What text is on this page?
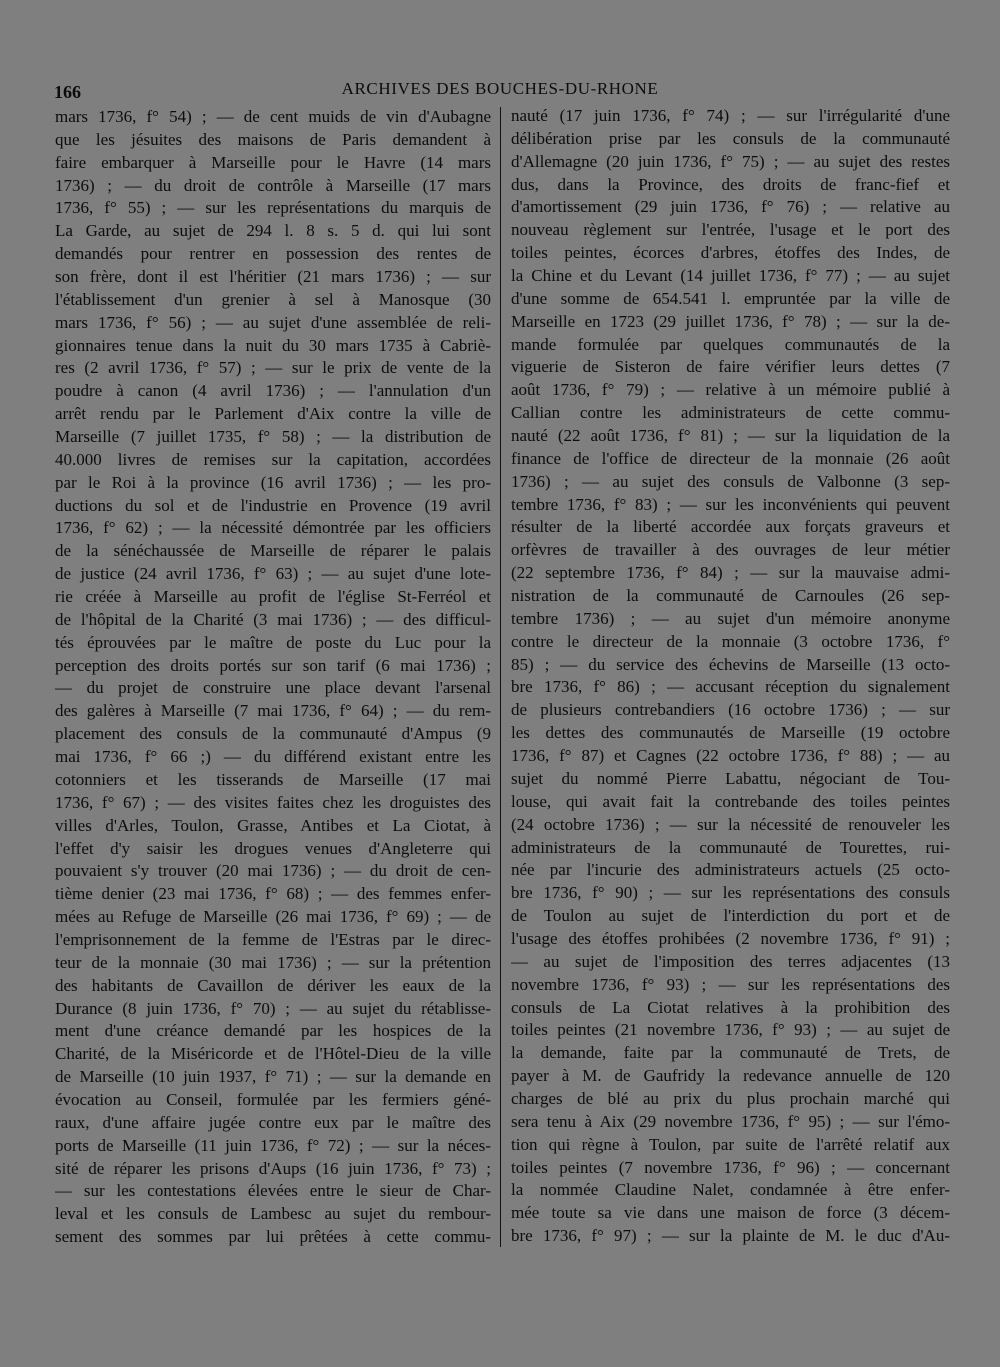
166	ARCHIVES DES BOUCHES-DU-RHONE
mars 1736, f° 54) ; — de cent muids de vin d'Aubagne
que les jésuites des maisons de Paris demandent à
faire embarquer à Marseille pour le Havre (14 mars
1736) ; — du droit de contrôle à Marseille (17 mars
1736, f° 55) ; — sur les représentations du marquis de
La Garde, au sujet de 294 l. 8 s. 5 d. qui lui sont
demandés pour rentrer en possession des rentes de
son frère, dont il est l'héritier (21 mars 1736) ; — sur
l'établissement d'un grenier à sel à Manosque (30
mars 1736, f° 56) ; — au sujet d'une assemblée de reli-
gionnaires tenue dans la nuit du 30 mars 1735 à Cabriè-
res (2 avril 1736, f° 57) ; — sur le prix de vente de la
poudre à canon (4 avril 1736) ; — l'annulation d'un
arrêt rendu par le Parlement d'Aix contre la ville de
Marseille (7 juillet 1735, f° 58) ; — la distribution de
40.000 livres de remises sur la capitation, accordées
par le Roi à la province (16 avril 1736) ; — les pro-
ductions du sol et de l'industrie en Provence (19 avril
1736, f° 62) ; — la nécessité démontrée par les officiers
de la sénéchaussée de Marseille de réparer le palais
de justice (24 avril 1736, f° 63) ; — au sujet d'une lote-
rie créée à Marseille au profit de l'église St-Ferréol et
de l'hôpital de la Charité (3 mai 1736) ; — des difficul-
tés éprouvées par le maître de poste du Luc pour la
perception des droits portés sur son tarif (6 mai 1736) ;
— du projet de construire une place devant l'arsenal
des galères à Marseille (7 mai 1736, f° 64) ; — du rem-
placement des consuls de la communauté d'Ampus (9
mai 1736, f° 66 ;) — du différend existant entre les
cotonniers et les tisserands de Marseille (17 mai
1736, f° 67) ; — des visites faites chez les droguistes des
villes d'Arles, Toulon, Grasse, Antibes et La Ciotat, à
l'effet d'y saisir les drogues venues d'Angleterre qui
pouvaient s'y trouver (20 mai 1736) ; — du droit de cen-
tième denier (23 mai 1736, f° 68) ; — des femmes enfer-
mées au Refuge de Marseille (26 mai 1736, f° 69) ; — de
l'emprisonnement de la femme de l'Estras par le direc-
teur de la monnaie (30 mai 1736) ; — sur la prétention
des habitants de Cavaillon de dériver les eaux de la
Durance (8 juin 1736, f° 70) ; — au sujet du rétablisse-
ment d'une créance demandé par les hospices de la
Charité, de la Miséricorde et de l'Hôtel-Dieu de la ville
de Marseille (10 juin 1937, f° 71) ; — sur la demande en
évocation au Conseil, formulée par les fermiers géné-
raux, d'une affaire jugée contre eux par le maître des
ports de Marseille (11 juin 1736, f° 72) ; — sur la néces-
sité de réparer les prisons d'Aups (16 juin 1736, f° 73) ;
— sur les contestations élevées entre le sieur de Char-
leval et les consuls de Lambesc au sujet du rembour-
sement des sommes par lui prêtées à cette commu-
nauté (17 juin 1736, f° 74) ; — sur l'irrégularité d'une
délibération prise par les consuls de la communauté
d'Allemagne (20 juin 1736, f° 75) ; — au sujet des restes
dus, dans la Province, des droits de franc-fief et
d'amortissement (29 juin 1736, f° 76) ; — relative au
nouveau règlement sur l'entrée, l'usage et le port des
toiles peintes, écorces d'arbres, étoffes des Indes, de
la Chine et du Levant (14 juillet 1736, f° 77) ; — au sujet
d'une somme de 654.541 l. empruntée par la ville de
Marseille en 1723 (29 juillet 1736, f° 78) ; — sur la de-
mande formulée par quelques communautés de la
viguerie de Sisteron de faire vérifier leurs dettes (7
août 1736, f° 79) ; — relative à un mémoire publié à
Callian contre les administrateurs de cette commu-
nauté (22 août 1736, f° 81) ; — sur la liquidation de la
finance de l'office de directeur de la monnaie (26 août
1736) ; — au sujet des consuls de Valbonne (3 sep-
tembre 1736, f° 83) ; — sur les inconvénients qui peuvent
résulter de la liberté accordée aux forçats graveurs et
orfèvres de travailler à des ouvrages de leur métier
(22 septembre 1736, f° 84) ; — sur la mauvaise admi-
nistration de la communauté de Carnoules (26 sep-
tembre 1736) ; — au sujet d'un mémoire anonyme
contre le directeur de la monnaie (3 octobre 1736, f°
85) ; — du service des échevins de Marseille (13 octo-
bre 1736, f° 86) ; — accusant réception du signalement
de plusieurs contrebandiers (16 octobre 1736) ; — sur
les dettes des communautés de Marseille (19 octobre
1736, f° 87) et Cagnes (22 octobre 1736, f° 88) ; — au
sujet du nommé Pierre Labattu, négociant de Tou-
louse, qui avait fait la contrebande des toiles peintes
(24 octobre 1736) ; — sur la nécessité de renouveler les
administrateurs de la communauté de Tourettes, rui-
née par l'incurie des administrateurs actuels (25 octo-
bre 1736, f° 90) ; — sur les représentations des consuls
de Toulon au sujet de l'interdiction du port et de
l'usage des étoffes prohibées (2 novembre 1736, f° 91) ;
— au sujet de l'imposition des terres adjacentes (13
novembre 1736, f° 93) ; — sur les représentations des
consuls de La Ciotat relatives à la prohibition des
toiles peintes (21 novembre 1736, f° 93) ; — au sujet de
la demande, faite par la communauté de Trets, de
payer à M. de Gaufridy la redevance annuelle de 120
charges de blé au prix du plus prochain marché qui
sera tenu à Aix (29 novembre 1736, f° 95) ; — sur l'émo-
tion qui règne à Toulon, par suite de l'arrêté relatif aux
toiles peintes (7 novembre 1736, f° 96) ; — concernant
la nommée Claudine Nalet, condamnée à être enfer-
mée toute sa vie dans une maison de force (3 décem-
bre 1736, f° 97) ; — sur la plainte de M. le duc d'Au-
